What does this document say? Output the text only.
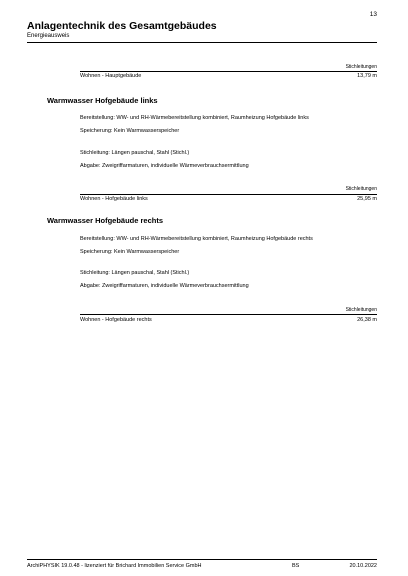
13
Anlagentechnik des Gesamtgebäudes
Energieausweis
Stichleitungen
Wohnen - Hauptgebäude	13,79 m
Warmwasser Hofgebäude links
Bereitstellung: WW- und RH-Wärmebereitstellung kombiniert, Raumheizung Hofgebäude links
Speicherung: Kein Warmwasserspeicher
Stichleitung: Längen pauschal, Stahl (Stichl.)
Abgabe: Zweigriffarmaturen, individuelle Wärmeverbrauchsermittlung
Stichleitungen
Wohnen - Hofgebäude links	25,95 m
Warmwasser Hofgebäude rechts
Bereitstellung: WW- und RH-Wärmebereitstellung kombiniert, Raumheizung Hofgebäude rechts
Speicherung: Kein Warmwasserspeicher
Stichleitung: Längen pauschal, Stahl (Stichl.)
Abgabe: Zweigriffarmaturen, individuelle Wärmeverbrauchsermittlung
Stichleitungen
Wohnen - Hofgebäude rechts	26,38 m
ArchiPHYSIK 19.0.48 - lizenziert für Brichard Immobilien Service GmbH	BS	20.10.2022
